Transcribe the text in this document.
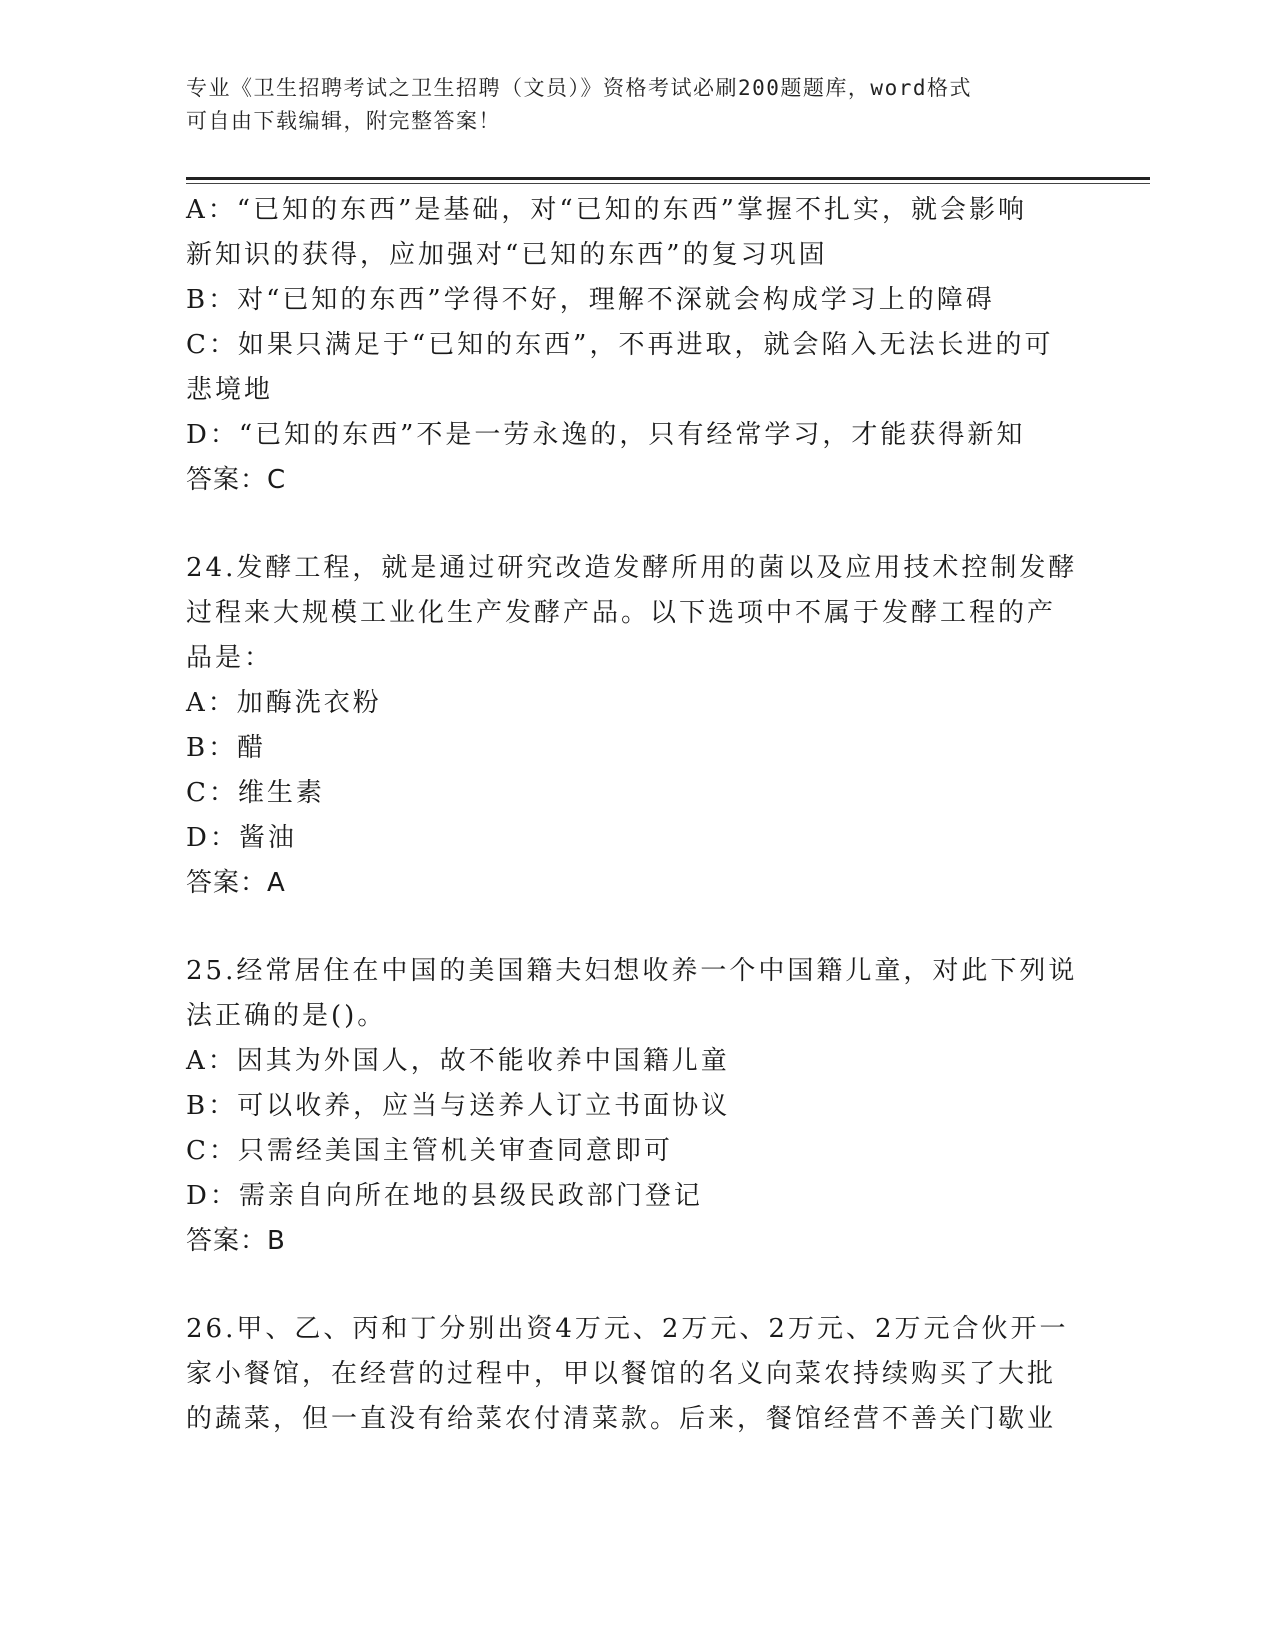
专业《卫生招聘考试之卫生招聘（文员）》资格考试必刷200题题库，word格式
可自由下载编辑，附完整答案！
A：“已知的东西”是基础，对“已知的东西”掌握不扎实，就会影响
新知识的获得，应加强对“已知的东西”的复习巩固
B：对“已知的东西”学得不好，理解不深就会构成学习上的障碍
C：如果只满足于“已知的东西”，不再进取，就会陷入无法长进的可
悲境地
D：“已知的东西”不是一劳永逸的，只有经常学习，才能获得新知
答案：C
24.发酵工程，就是通过研究改造发酵所用的菌以及应用技术控制发酵
过程来大规模工业化生产发酵产品。以下选项中不属于发酵工程的产
品是：
A：加酶洗衣粉
B：醋
C：维生素
D：酱油
答案：A
25.经常居住在中国的美国籍夫妇想收养一个中国籍儿童，对此下列说
法正确的是()。
A：因其为外国人，故不能收养中国籍儿童
B：可以收养，应当与送养人订立书面协议
C：只需经美国主管机关审查同意即可
D：需亲自向所在地的县级民政部门登记
答案：B
26.甲、乙、丙和丁分别出资4万元、2万元、2万元、2万元合伙开一
家小餐馆，在经营的过程中，甲以餐馆的名义向菜农持续购买了大批
的蔬菜，但一直没有给菜农付清菜款。后来，餐馆经营不善关门歇业
